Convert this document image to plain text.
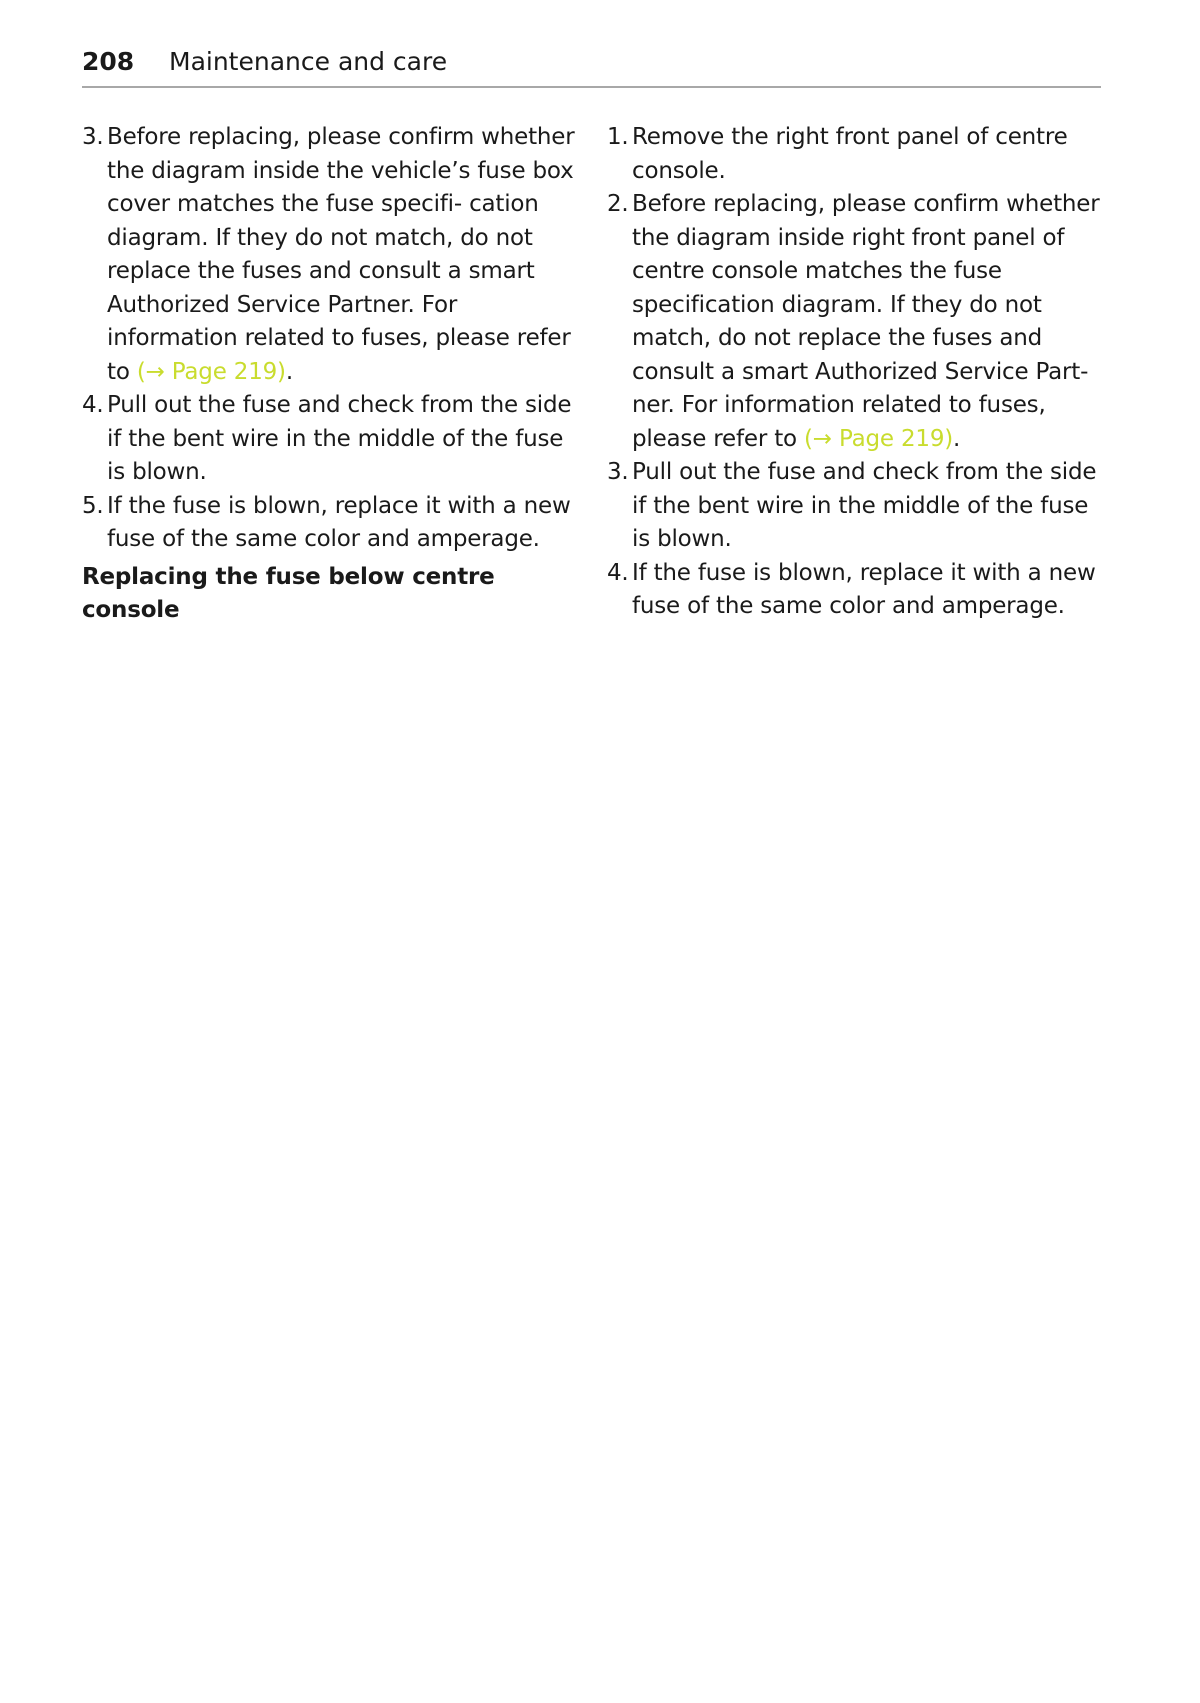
208 Maintenance and care
3. Before replacing, please confirm whether the diagram inside the vehicle’s fuse box cover matches the fuse specifi‑ cation diagram. If they do not match, do not replace the fuses and consult a smart Authorized Service Partner. For information related to fuses, please refer to (→ Page 219).
4. Pull out the fuse and check from the side if the bent wire in the middle of the fuse is blown.
5. If the fuse is blown, replace it with a new fuse of the same color and amperage.
Replacing the fuse below centre console
1. Remove the right front panel of centre console.
2. Before replacing, please confirm whether the diagram inside right front panel of centre console matches the fuse specification diagram. If they do not match, do not replace the fuses and consult a smart Authorized Service Part‑ ner. For information related to fuses, please refer to (→ Page 219).
3. Pull out the fuse and check from the side if the bent wire in the middle of the fuse is blown.
4. If the fuse is blown, replace it with a new fuse of the same color and amperage.
